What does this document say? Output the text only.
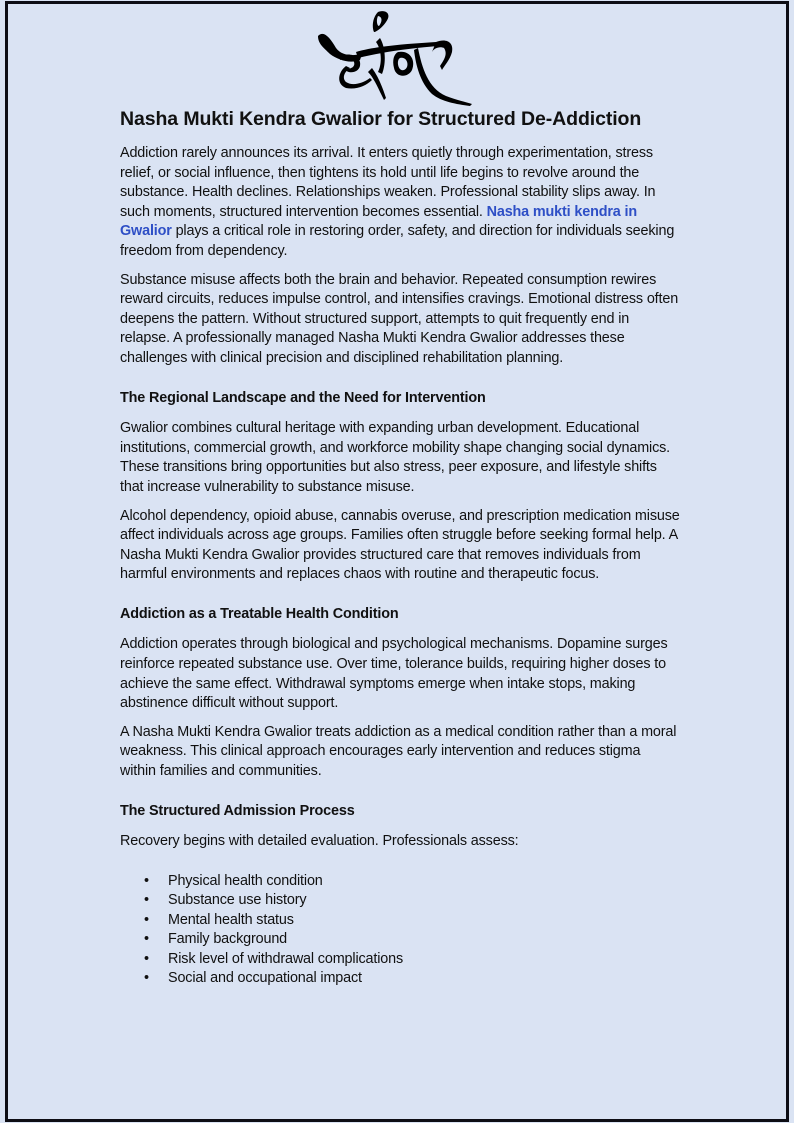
Nasha Mukti Kendra Gwalior for Structured De-Addiction

Addiction rarely announces its arrival. It enters quietly through experimentation, stress relief, or social influence, then tightens its hold until life begins to revolve around the substance. Health declines. Relationships weaken. Professional stability slips away. In such moments, structured intervention becomes essential. Nasha mukti kendra in Gwalior plays a critical role in restoring order, safety, and direction for individuals seeking freedom from dependency.

Substance misuse affects both the brain and behavior. Repeated consumption rewires reward circuits, reduces impulse control, and intensifies cravings. Emotional distress often deepens the pattern. Without structured support, attempts to quit frequently end in relapse. A professionally managed Nasha Mukti Kendra Gwalior addresses these challenges with clinical precision and disciplined rehabilitation planning.

The Regional Landscape and the Need for Intervention

Gwalior combines cultural heritage with expanding urban development. Educational institutions, commercial growth, and workforce mobility shape changing social dynamics. These transitions bring opportunities but also stress, peer exposure, and lifestyle shifts that increase vulnerability to substance misuse.

Alcohol dependency, opioid abuse, cannabis overuse, and prescription medication misuse affect individuals across age groups. Families often struggle before seeking formal help. A Nasha Mukti Kendra Gwalior provides structured care that removes individuals from harmful environments and replaces chaos with routine and therapeutic focus.

Addiction as a Treatable Health Condition

Addiction operates through biological and psychological mechanisms. Dopamine surges reinforce repeated substance use. Over time, tolerance builds, requiring higher doses to achieve the same effect. Withdrawal symptoms emerge when intake stops, making abstinence difficult without support.

A Nasha Mukti Kendra Gwalior treats addiction as a medical condition rather than a moral weakness. This clinical approach encourages early intervention and reduces stigma within families and communities.

The Structured Admission Process

Recovery begins with detailed evaluation. Professionals assess:

• Physical health condition
• Substance use history
• Mental health status
• Family background
• Risk level of withdrawal complications
• Social and occupational impact
